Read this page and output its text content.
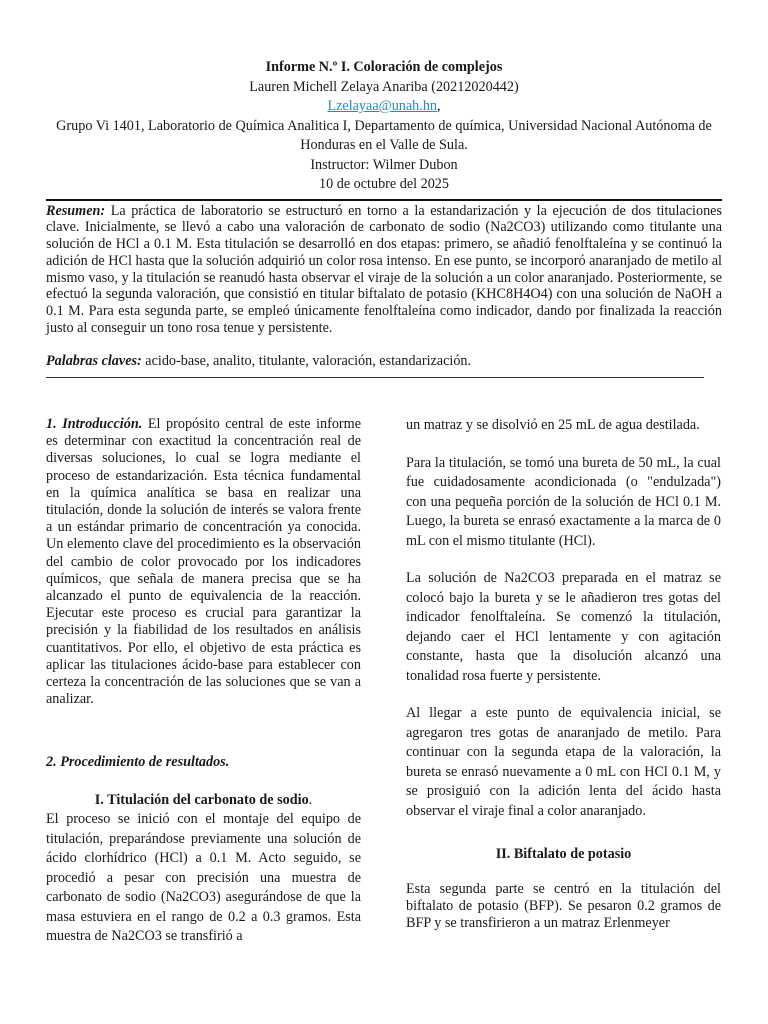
Informe N.º I. Coloración de complejos
Lauren Michell Zelaya Anariba (20212020442)
Lzelayaa@unah.hn,
Grupo Vi 1401, Laboratorio de Química Analitica I, Departamento de química, Universidad Nacional Autónoma de Honduras en el Valle de Sula.
Instructor: Wilmer Dubon
10 de octubre del 2025
Resumen: La práctica de laboratorio se estructuró en torno a la estandarización y la ejecución de dos titulaciones clave. Inicialmente, se llevó a cabo una valoración de carbonato de sodio (Na2CO3) utilizando como titulante una solución de HCl a 0.1 M. Esta titulación se desarrolló en dos etapas: primero, se añadió fenolftaleína y se continuó la adición de HCl hasta que la solución adquirió un color rosa intenso. En ese punto, se incorporó anaranjado de metilo al mismo vaso, y la titulación se reanudó hasta observar el viraje de la solución a un color anaranjado. Posteriormente, se efectuó la segunda valoración, que consistió en titular biftalato de potasio (KHC8H4O4) con una solución de NaOH a 0.1 M. Para esta segunda parte, se empleó únicamente fenolftaleína como indicador, dando por finalizada la reacción justo al conseguir un tono rosa tenue y persistente.
Palabras claves: acido-base, analito, titulante, valoración, estandarización.

1. Introducción. El propósito central de este informe es determinar con exactitud la concentración real de diversas soluciones, lo cual se logra mediante el proceso de estandarización. Esta técnica fundamental en la química analítica se basa en realizar una titulación, donde la solución de interés se valora frente a un estándar primario de concentración ya conocida. Un elemento clave del procedimiento es la observación del cambio de color provocado por los indicadores químicos, que señala de manera precisa que se ha alcanzado el punto de equivalencia de la reacción. Ejecutar este proceso es crucial para garantizar la precisión y la fiabilidad de los resultados en análisis cuantitativos. Por ello, el objetivo de esta práctica es aplicar las titulaciones ácido-base para establecer con certeza la concentración de las soluciones que se van a analizar.

2. Procedimiento de resultados.

I. Titulación del carbonato de sodio.

El proceso se inició con el montaje del equipo de titulación, preparándose previamente una solución de ácido clorhídrico (HCl) a 0.1 M. Acto seguido, se procedió a pesar con precisión una muestra de carbonato de sodio (Na2CO3) asegurándose de que la masa estuviera en el rango de 0.2 a 0.3 gramos. Esta muestra de Na2CO3 se transfirió a

un matraz y se disolvió en 25 mL de agua destilada.

Para la titulación, se tomó una bureta de 50 mL, la cual fue cuidadosamente acondicionada (o "endulzada") con una pequeña porción de la solución de HCl 0.1 M. Luego, la bureta se enrasó exactamente a la marca de 0 mL con el mismo titulante (HCl).

La solución de Na2CO3 preparada en el matraz se colocó bajo la bureta y se le añadieron tres gotas del indicador fenolftaleína. Se comenzó la titulación, dejando caer el HCl lentamente y con agitación constante, hasta que la disolución alcanzó una tonalidad rosa fuerte y persistente.

Al llegar a este punto de equivalencia inicial, se agregaron tres gotas de anaranjado de metilo. Para continuar con la segunda etapa de la valoración, la bureta se enrasó nuevamente a 0 mL con HCl 0.1 M, y se prosiguió con la adición lenta del ácido hasta observar el viraje final a color anaranjado.

II. Biftalato de potasio

Esta segunda parte se centró en la titulación del biftalato de potasio (BFP). Se pesaron 0.2 gramos de BFP y se transfirieron a un matraz Erlenmeyer
